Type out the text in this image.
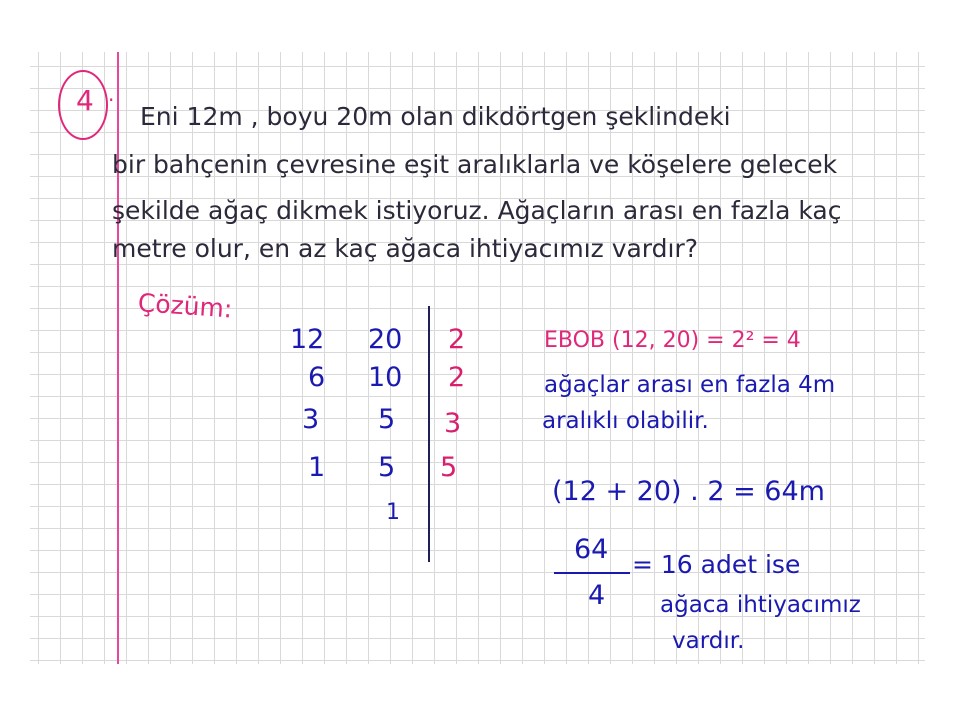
4 ·
Eni 12m , boyu 20m olan dikdörtgen şeklindeki
bir bahçenin çevresine eşit aralıklarla ve köşelere gelecek
şekilde ağaç dikmek istiyoruz. Ağaçların arası en fazla kaç
metre olur, en az kaç ağaca ihtiyacımız vardır?
Çözüm:
12 20 2
6 10 2
3 5 3
1 5 5
1
EBOB (12, 20) = 2² = 4
ağaçlar arası en fazla 4m
aralıklı olabilir.
(12 + 20) . 2 = 64m
64
4
= 16 adet ise
ağaca ihtiyacımız
vardır.
